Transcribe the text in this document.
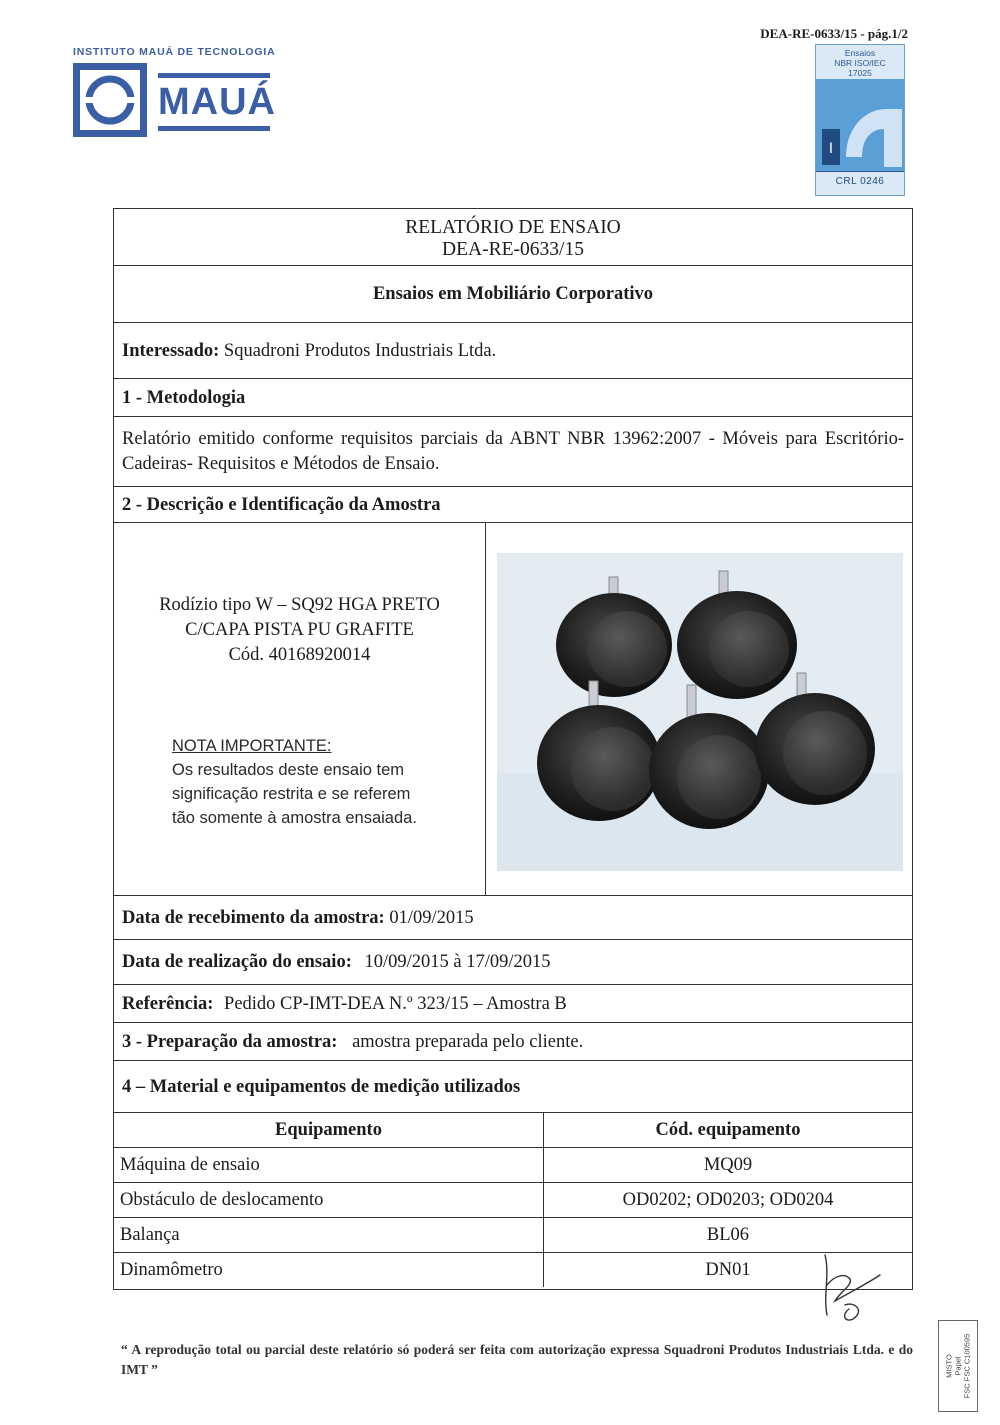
DEA-RE-0633/15 - pág.1/2
INSTITUTO MAUÁ DE TECNOLOGIA
MAUÁ
Ensaios
NBR ISO/IEC
17025
I
CRL 0246
RELATÓRIO DE ENSAIO
DEA-RE-0633/15
Ensaios em Mobiliário Corporativo
Interessado: Squadroni Produtos Industriais Ltda.
1 - Metodologia
Relatório emitido conforme requisitos parciais da ABNT NBR 13962:2007 - Móveis para Escritório- Cadeiras- Requisitos e Métodos de Ensaio.
2 - Descrição e Identificação da Amostra
Rodízio tipo W – SQ92 HGA PRETO
C/CAPA PISTA PU GRAFITE
Cód. 40168920014
NOTA IMPORTANTE:
Os resultados deste ensaio tem
significação restrita e se referem
tão somente à amostra ensaiada.
Data de recebimento da amostra: 01/09/2015
Data de realização do ensaio: 10/09/2015 à 17/09/2015
Referência: Pedido CP-IMT-DEA N.º 323/15 – Amostra B
3 - Preparação da amostra: amostra preparada pelo cliente.
4 – Material e equipamentos de medição utilizados
Equipamento	Cód. equipamento
Máquina de ensaio	MQ09
Obstáculo de deslocamento	OD0202; OD0203; OD0204
Balança	BL06
Dinamômetro	DN01
“ A reprodução total ou parcial deste relatório só poderá ser feita com autorização expressa Squadroni Produtos Industriais Ltda. e do IMT ”	MISTO Papel FSC FSC C100595
